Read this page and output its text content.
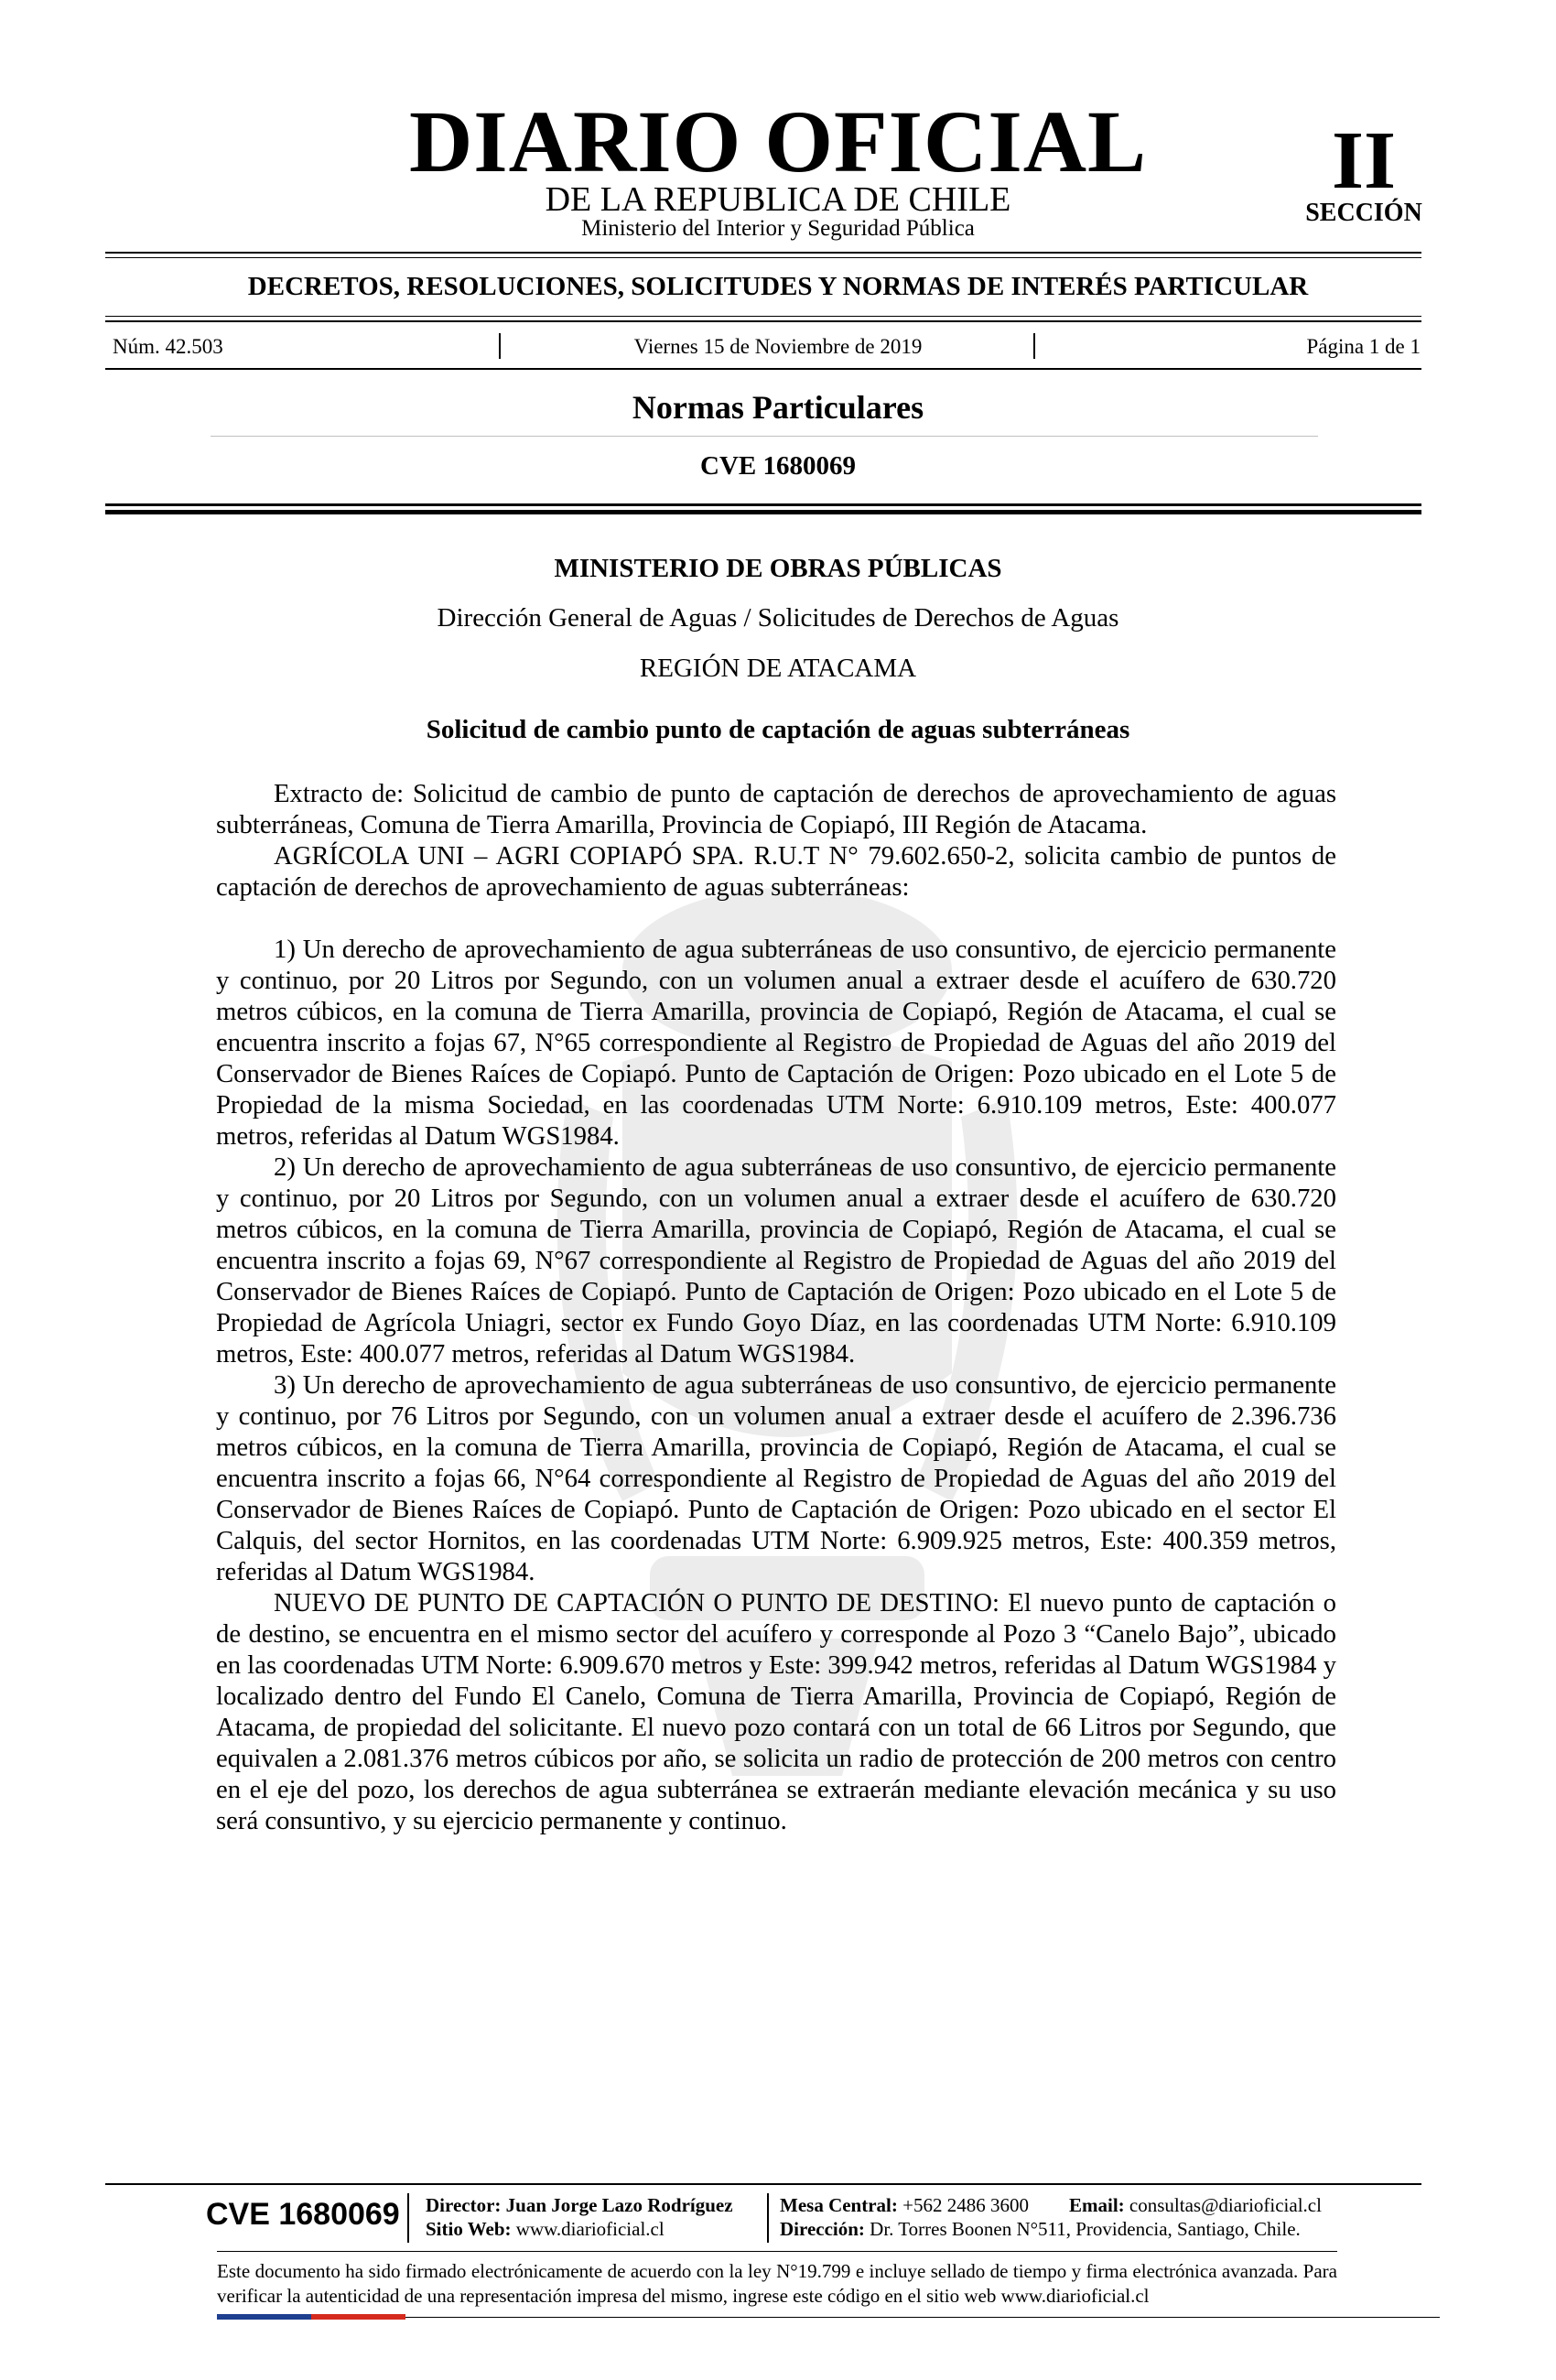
DIARIO OFICIAL
DE LA REPUBLICA DE CHILE
Ministerio del Interior y Seguridad Pública
II
SECCIÓN
DECRETOS, RESOLUCIONES, SOLICITUDES Y NORMAS DE INTERÉS PARTICULAR
Núm. 42.503	Viernes 15 de Noviembre de 2019	Página 1 de 1
Normas Particulares
CVE 1680069
MINISTERIO DE OBRAS PÚBLICAS
Dirección General de Aguas / Solicitudes de Derechos de Aguas
REGIÓN DE ATACAMA
Solicitud de cambio punto de captación de aguas subterráneas

Extracto de: Solicitud de cambio de punto de captación de derechos de aprovechamiento de aguas subterráneas, Comuna de Tierra Amarilla, Provincia de Copiapó, III Región de Atacama.

AGRÍCOLA UNI – AGRI COPIAPÓ SPA. R.U.T N° 79.602.650-2, solicita cambio de puntos de captación de derechos de aprovechamiento de aguas subterráneas:

1) Un derecho de aprovechamiento de agua subterráneas de uso consuntivo, de ejercicio permanente y continuo, por 20 Litros por Segundo, con un volumen anual a extraer desde el acuífero de 630.720 metros cúbicos, en la comuna de Tierra Amarilla, provincia de Copiapó, Región de Atacama, el cual se encuentra inscrito a fojas 67, N°65 correspondiente al Registro de Propiedad de Aguas del año 2019 del Conservador de Bienes Raíces de Copiapó. Punto de Captación de Origen: Pozo ubicado en el Lote 5 de Propiedad de la misma Sociedad, en las coordenadas UTM Norte: 6.910.109 metros, Este: 400.077 metros, referidas al Datum WGS1984.

2) Un derecho de aprovechamiento de agua subterráneas de uso consuntivo, de ejercicio permanente y continuo, por 20 Litros por Segundo, con un volumen anual a extraer desde el acuífero de 630.720 metros cúbicos, en la comuna de Tierra Amarilla, provincia de Copiapó, Región de Atacama, el cual se encuentra inscrito a fojas 69, N°67 correspondiente al Registro de Propiedad de Aguas del año 2019 del Conservador de Bienes Raíces de Copiapó. Punto de Captación de Origen: Pozo ubicado en el Lote 5 de Propiedad de Agrícola Uniagri, sector ex Fundo Goyo Díaz, en las coordenadas UTM Norte: 6.910.109 metros, Este: 400.077 metros, referidas al Datum WGS1984.

3) Un derecho de aprovechamiento de agua subterráneas de uso consuntivo, de ejercicio permanente y continuo, por 76 Litros por Segundo, con un volumen anual a extraer desde el acuífero de 2.396.736 metros cúbicos, en la comuna de Tierra Amarilla, provincia de Copiapó, Región de Atacama, el cual se encuentra inscrito a fojas 66, N°64 correspondiente al Registro de Propiedad de Aguas del año 2019 del Conservador de Bienes Raíces de Copiapó. Punto de Captación de Origen: Pozo ubicado en el sector El Calquis, del sector Hornitos, en las coordenadas UTM Norte: 6.909.925 metros, Este: 400.359 metros, referidas al Datum WGS1984.

NUEVO DE PUNTO DE CAPTACIÓN O PUNTO DE DESTINO: El nuevo punto de captación o de destino, se encuentra en el mismo sector del acuífero y corresponde al Pozo 3 “Canelo Bajo”, ubicado en las coordenadas UTM Norte: 6.909.670 metros y Este: 399.942 metros, referidas al Datum WGS1984 y localizado dentro del Fundo El Canelo, Comuna de Tierra Amarilla, Provincia de Copiapó, Región de Atacama, de propiedad del solicitante. El nuevo pozo contará con un total de 66 Litros por Segundo, que equivalen a 2.081.376 metros cúbicos por año, se solicita un radio de protección de 200 metros con centro en el eje del pozo, los derechos de agua subterránea se extraerán mediante elevación mecánica y su uso será consuntivo, y su ejercicio permanente y continuo.

CVE 1680069	Director: Juan Jorge Lazo Rodríguez
Sitio Web: www.diarioficial.cl
Mesa Central: +562 2486 3600 Email: consultas@diarioficial.cl
Dirección: Dr. Torres Boonen N°511, Providencia, Santiago, Chile.
Este documento ha sido firmado electrónicamente de acuerdo con la ley N°19.799 e incluye sellado de tiempo y firma electrónica avanzada. Para verificar la autenticidad de una representación impresa del mismo, ingrese este código en el sitio web www.diarioficial.cl
